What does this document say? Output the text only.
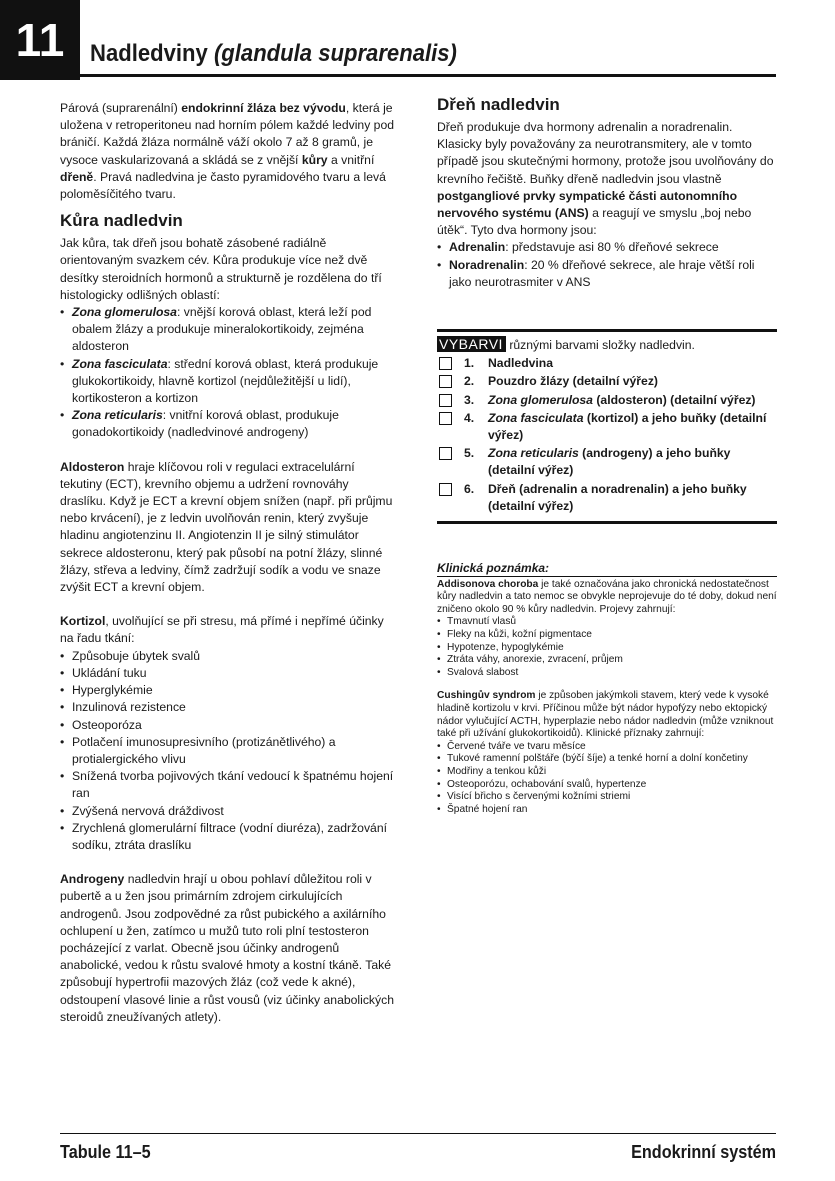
11	Nadledviny (glandula suprarenalis)

Párová (suprarenální) endokrinní žláza bez vývodu, která je uložena v retroperitoneu nad horním pólem každé ledviny pod bráničí. Každá žláza normálně váží okolo 7 až 8 gramů, je vysoce vaskularizovaná a skládá se z vnější kůry a vnitřní dřeně. Pravá nadledvina je často pyramidového tvaru a levá poloměsíčitého tvaru.

Kůra nadledvin

Jak kůra, tak dřeň jsou bohatě zásobené radiálně orientovaným svazkem cév. Kůra produkuje více než dvě desítky steroidních hormonů a strukturně je rozdělena do tří histologicky odlišných oblastí:

• Zona glomerulosa: vnější korová oblast, která leží pod obalem žlázy a produkuje mineralokortikoidy, zejména aldosteron
• Zona fasciculata: střední korová oblast, která produkuje glukokortikoidy, hlavně kortizol (nejdůležitější u lidí), kortikosteron a kortizon
• Zona reticularis: vnitřní korová oblast, produkuje gonadokortikoidy (nadledvinové androgeny)

Aldosteron hraje klíčovou roli v regulaci extracelulární tekutiny (ECT), krevního objemu a udržení rovnováhy draslíku. Když je ECT a krevní objem snížen (např. při průjmu nebo krvácení), je z ledvin uvolňován renin, který zvyšuje hladinu angiotenzinu II. Angiotenzin II je silný stimulátor sekrece aldosteronu, který pak působí na potní žlázy, slinné žlázy, střeva a ledviny, čímž zadržují sodík a vodu ve snaze zvýšit ECT a krevní objem.

Kortizol, uvolňující se při stresu, má přímé i nepřímé účinky na řadu tkání:

• Způsobuje úbytek svalů
• Ukládání tuku
• Hyperglykémie
• Inzulinová rezistence
• Osteoporóza
• Potlačení imunosupresivního (protizánětlivého) a protialergického vlivu
• Snížená tvorba pojivových tkání vedoucí k špatnému hojení ran
• Zvýšená nervová dráždivost
• Zrychlená glomerulární filtrace (vodní diuréza), zadržování sodíku, ztráta draslíku

Androgeny nadledvin hrají u obou pohlaví důležitou roli v pubertě a u žen jsou primárním zdrojem cirkulujících androgenů. Jsou zodpovědné za růst pubického a axilárního ochlupení u žen, zatímco u mužů tuto roli plní testosteron pocházející z varlat. Obecně jsou účinky androgenů anabolické, vedou k růstu svalové hmoty a kostní tkáně. Také způsobují hypertrofii mazových žláz (což vede k akné), odstoupení vlasové linie a růst vousů (viz účinky anabolických steroidů zneužívaných atlety).

Dřeň nadledvin

Dřeň produkuje dva hormony adrenalin a noradrenalin. Klasicky byly považovány za neurotransmitery, ale v tomto případě jsou skutečnými hormony, protože jsou uvolňovány do krevního řečiště. Buňky dřeně nadledvin jsou vlastně postgangliové prvky sympatické části autonomního nervového systému (ANS) a reagují ve smyslu „boj nebo útěk“. Tyto dva hormony jsou:

• Adrenalin: představuje asi 80 % dřeňové sekrece
• Noradrenalin: 20 % dřeňové sekrece, ale hraje větší roli jako neurotrasmiter v ANS
VYBARVI různými barvami složky nadledvin.
1.	Nadledvina
2.	Pouzdro žlázy (detailní výřez)
3.	Zona glomerulosa (aldosteron) (detailní výřez)
4.	Zona fasciculata (kortizol) a jeho buňky (detailní výřez)
5.	Zona reticularis (androgeny) a jeho buňky (detailní výřez)
6.	Dřeň (adrenalin a noradrenalin) a jeho buňky (detailní výřez)
Klinická poznámka:

Addisonova choroba je také označována jako chronická nedostatečnost kůry nadledvin a tato nemoc se obvykle neprojevuje do té doby, dokud není zničeno okolo 90 % kůry nadledvin. Projevy zahrnují:

• Tmavnutí vlasů
• Fleky na kůži, kožní pigmentace
• Hypotenze, hypoglykémie
• Ztráta váhy, anorexie, zvracení, průjem
• Svalová slabost

Cushingův syndrom je způsoben jakýmkoli stavem, který vede k vysoké hladině kortizolu v krvi. Příčinou může být nádor hypofýzy nebo ektopický nádor vylučující ACTH, hyperplazie nebo nádor nadledvin (může vzniknout také při užívání glukokortikoidů). Klinické příznaky zahrnují:

• Červené tváře ve tvaru měsíce
• Tukové ramenní polštáře (býčí šíje) a tenké horní a dolní končetiny
• Modřiny a tenkou kůži
• Osteoporózu, ochabování svalů, hypertenze
• Visící břicho s červenými kožními striemi
• Špatné hojení ran
Tabule 11–5	Endokrinní systém
